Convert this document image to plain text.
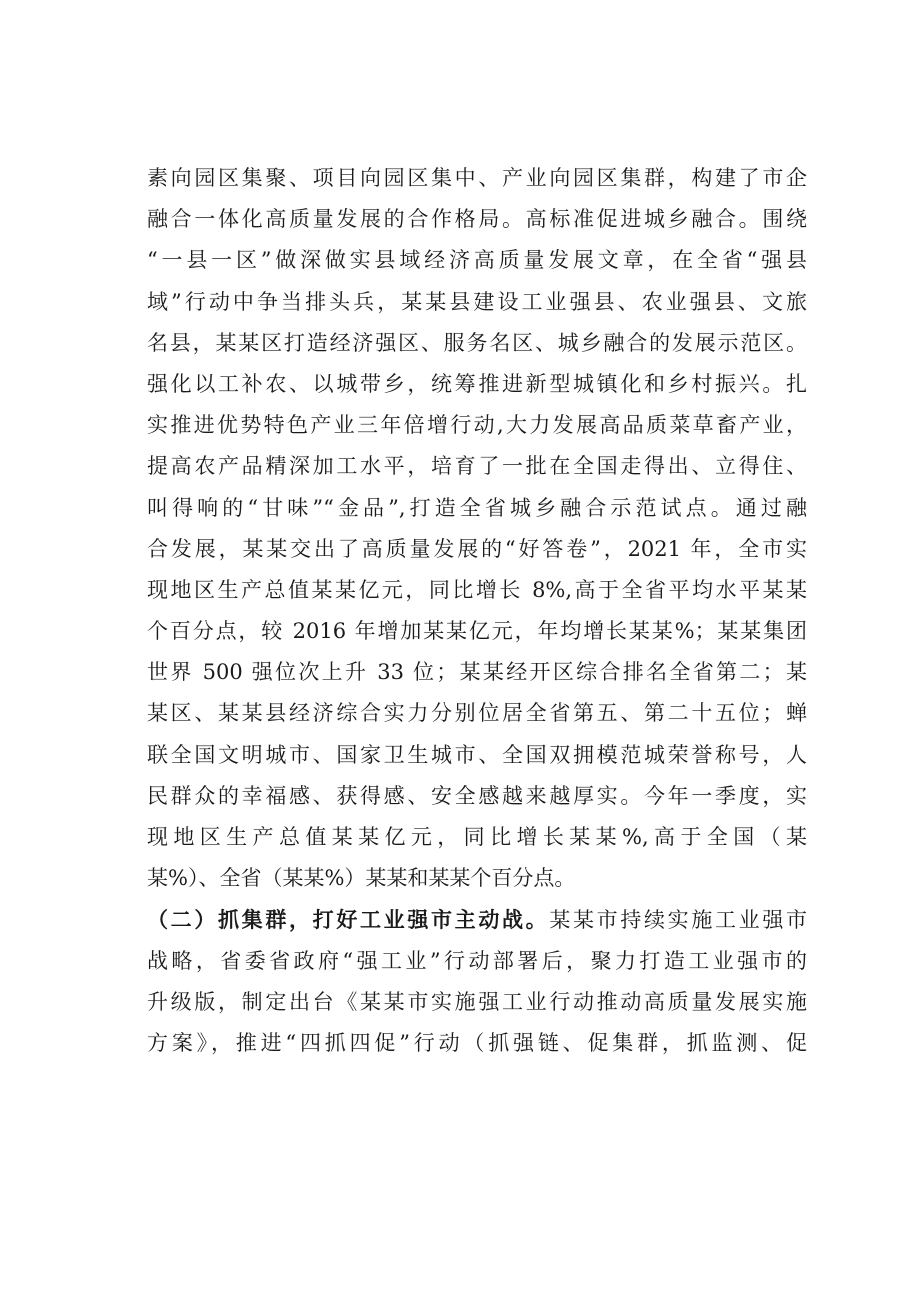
素向园区集聚、项目向园区集中、产业向园区集群，构建了市企
融合一体化高质量发展的合作格局。高标准促进城乡融合。围绕
“一县一区”做深做实县域经济高质量发展文章，在全省“强县
域”行动中争当排头兵，某某县建设工业强县、农业强县、文旅
名县，某某区打造经济强区、服务名区、城乡融合的发展示范区。
强化以工补农、以城带乡，统筹推进新型城镇化和乡村振兴。扎
实推进优势特色产业三年倍增行动,大力发展高品质菜草畜产业，
提高农产品精深加工水平，培育了一批在全国走得出、立得住、
叫得响的“甘味”“金品”,打造全省城乡融合示范试点。通过融
合发展，某某交出了高质量发展的“好答卷”，2021 年，全市实
现地区生产总值某某亿元，同比增长 8%,高于全省平均水平某某
个百分点，较 2016 年增加某某亿元，年均增长某某%；某某集团
世界 500 强位次上升 33 位；某某经开区综合排名全省第二；某
某区、某某县经济综合实力分别位居全省第五、第二十五位；蝉
联全国文明城市、国家卫生城市、全国双拥模范城荣誉称号，人
民群众的幸福感、获得感、安全感越来越厚实。今年一季度，实
现地区生产总值某某亿元，同比增长某某%,高于全国（某
某%）、全省（某某%）某某和某某个百分点。
（二）抓集群，打好工业强市主动战。某某市持续实施工业强市
战略，省委省政府“强工业”行动部署后，聚力打造工业强市的
升级版，制定出台《某某市实施强工业行动推动高质量发展实施
方案》，推进“四抓四促”行动（抓强链、促集群，抓监测、促
